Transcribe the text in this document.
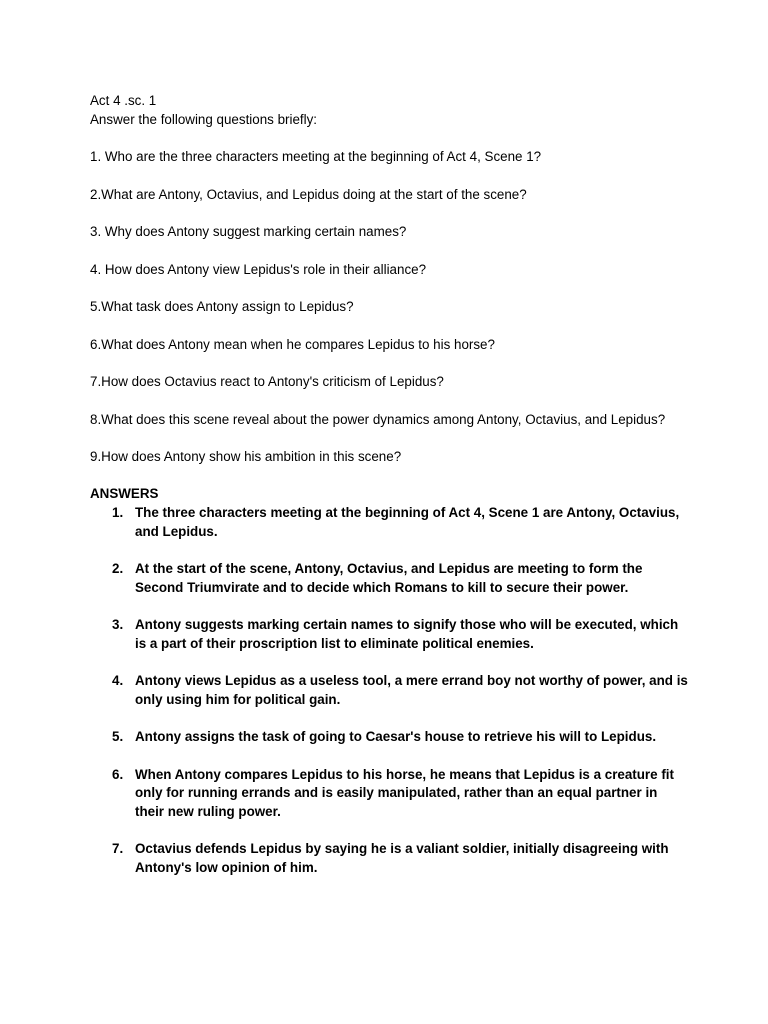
Act 4 .sc. 1

Answer the following questions briefly:

1. Who are the three characters meeting at the beginning of Act 4, Scene 1?

2.What are Antony, Octavius, and Lepidus doing at the start of the scene?

3. Why does Antony suggest marking certain names?

4. How does Antony view Lepidus's role in their alliance?

5.What task does Antony assign to Lepidus?

6.What does Antony mean when he compares Lepidus to his horse?

7.How does Octavius react to Antony's criticism of Lepidus?

8.What does this scene reveal about the power dynamics among Antony, Octavius, and Lepidus?

9.How does Antony show his ambition in this scene?

ANSWERS

1. The three characters meeting at the beginning of Act 4, Scene 1 are Antony, Octavius, and Lepidus.
2. At the start of the scene, Antony, Octavius, and Lepidus are meeting to form the Second Triumvirate and to decide which Romans to kill to secure their power.
3. Antony suggests marking certain names to signify those who will be executed, which is a part of their proscription list to eliminate political enemies.
4. Antony views Lepidus as a useless tool, a mere errand boy not worthy of power, and is only using him for political gain.
5. Antony assigns the task of going to Caesar's house to retrieve his will to Lepidus.
6. When Antony compares Lepidus to his horse, he means that Lepidus is a creature fit only for running errands and is easily manipulated, rather than an equal partner in their new ruling power.
7. Octavius defends Lepidus by saying he is a valiant soldier, initially disagreeing with Antony's low opinion of him.
